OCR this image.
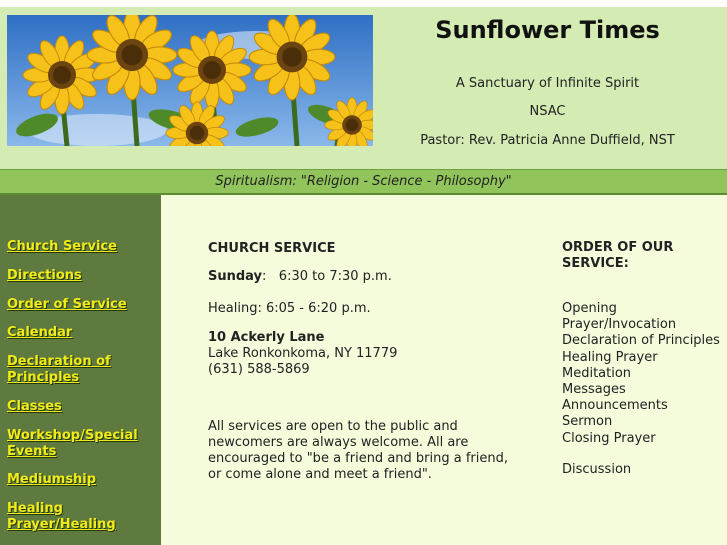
Sunflower Times
A Sanctuary of Infinite Spirit
NSAC
Pastor: Rev. Patricia Anne Duffield, NST
Spiritualism: "Religion - Science - Philosophy"
Church Service
Directions
Order of Service
Calendar
Declaration of Principles
Classes
Workshop/Special Events
Mediumship
Healing Prayer/Healing
CHURCH SERVICE
Sunday:   6:30 to 7:30 p.m.
Healing: 6:05 - 6:20 p.m.
10 Ackerly Lane
Lake Ronkonkoma, NY 11779
(631) 588-5869
All services are open to the public and newcomers are always welcome. All are encouraged to "be a friend and bring a friend, or come alone and meet a friend".
ORDER OF OUR SERVICE:
Opening
Prayer/Invocation
Declaration of Principles
Healing Prayer
Meditation
Messages
Announcements
Sermon
Closing Prayer
Discussion
